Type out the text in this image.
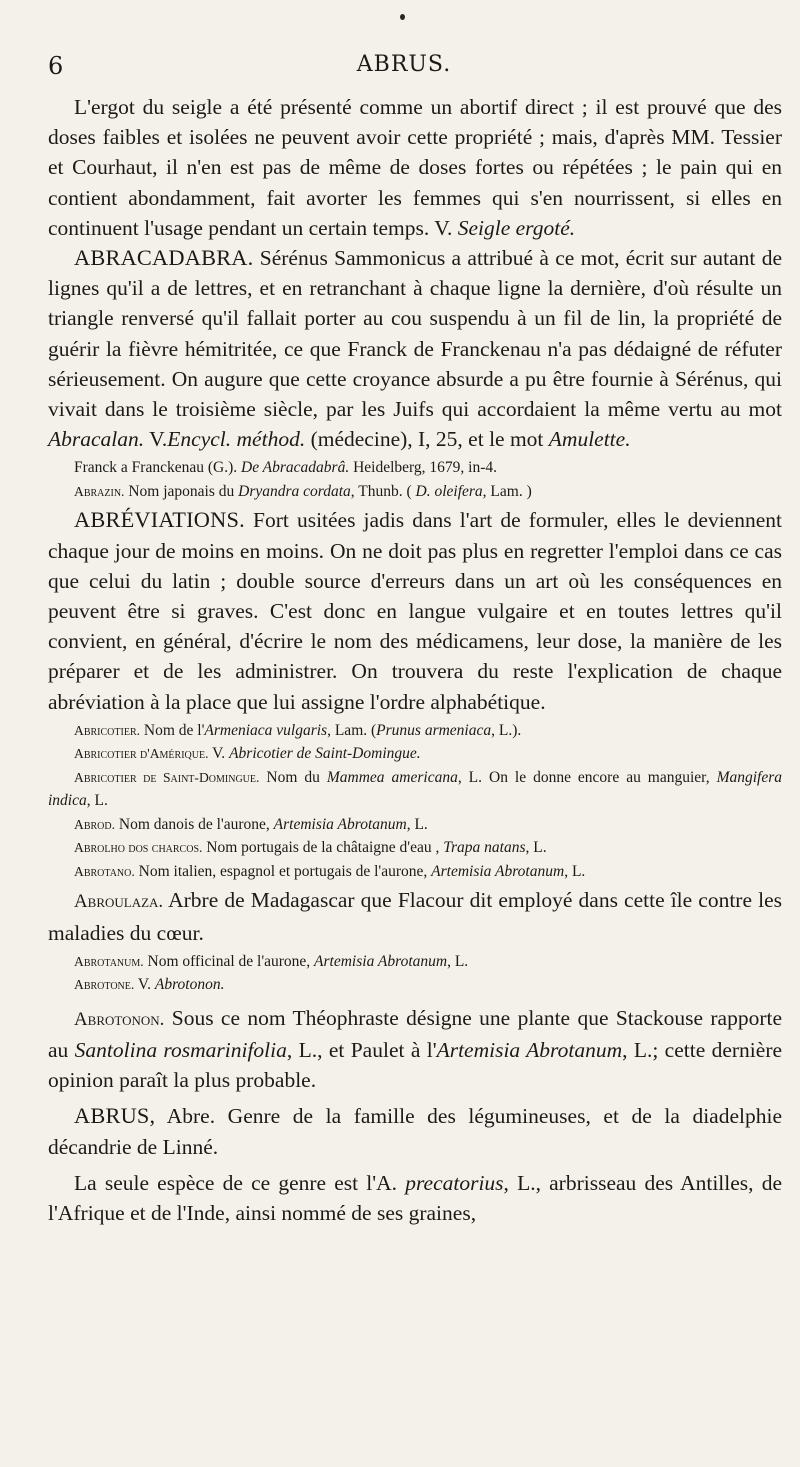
6	ABRUS.

L'ergot du seigle a été présenté comme un abortif direct ; il est prouvé que des doses faibles et isolées ne peuvent avoir cette propriété ; mais, d'après MM. Tessier et Courhaut, il n'en est pas de même de doses fortes ou répétées ; le pain qui en contient abondamment, fait avorter les femmes qui s'en nourrissent, si elles en continuent l'usage pendant un certain temps. V. Seigle ergoté.

ABRACADABRA. Sérénus Sammonicus a attribué à ce mot, écrit sur autant de lignes qu'il a de lettres, et en retranchant à chaque ligne la dernière, d'où résulte un triangle renversé qu'il fallait porter au cou suspendu à un fil de lin, la propriété de guérir la fièvre hémitritée, ce que Franck de Franckenau n'a pas dédaigné de réfuter sérieusement. On augure que cette croyance absurde a pu être fournie à Sérénus, qui vivait dans le troisième siècle, par les Juifs qui accordaient la même vertu au mot Abracalan. V.Encycl. méthod. (médecine), I, 25, et le mot Amulette.

Franck a Franckenau (G.). De Abracadabrâ. Heidelberg, 1679, in-4.

Abrazin. Nom japonais du Dryandra cordata, Thunb. ( D. oleifera, Lam. )

ABRÉVIATIONS. Fort usitées jadis dans l'art de formuler, elles le deviennent chaque jour de moins en moins. On ne doit pas plus en regretter l'emploi dans ce cas que celui du latin ; double source d'erreurs dans un art où les conséquences en peuvent être si graves. C'est donc en langue vulgaire et en toutes lettres qu'il convient, en général, d'écrire le nom des médicamens, leur dose, la manière de les préparer et de les administrer. On trouvera du reste l'explication de chaque abréviation à la place que lui assigne l'ordre alphabétique.

Abricotier. Nom de l'Armeniaca vulgaris, Lam. (Prunus armeniaca, L.).

Abricotier d'Amérique. V. Abricotier de Saint-Domingue.

Abricotier de Saint-Domingue. Nom du Mammea americana, L. On le donne encore au manguier, Mangifera indica, L.

Abrod. Nom danois de l'aurone, Artemisia Abrotanum, L.

Abrolho dos charcos. Nom portugais de la châtaigne d'eau , Trapa natans, L.

Abrotano. Nom italien, espagnol et portugais de l'aurone, Artemisia Abrotanum, L.

Abroulaza. Arbre de Madagascar que Flacour dit employé dans cette île contre les maladies du cœur.

Abrotanum. Nom officinal de l'aurone, Artemisia Abrotanum, L.

Abrotone. V. Abrotonon.

Abrotonon. Sous ce nom Théophraste désigne une plante que Stackouse rapporte au Santolina rosmarinifolia, L., et Paulet à l'Artemisia Abrotanum, L.; cette dernière opinion paraît la plus probable.

ABRUS, Abre. Genre de la famille des légumineuses, et de la diadelphie décandrie de Linné.

La seule espèce de ce genre est l'A. precatorius, L., arbrisseau des Antilles, de l'Afrique et de l'Inde, ainsi nommé de ses graines,
